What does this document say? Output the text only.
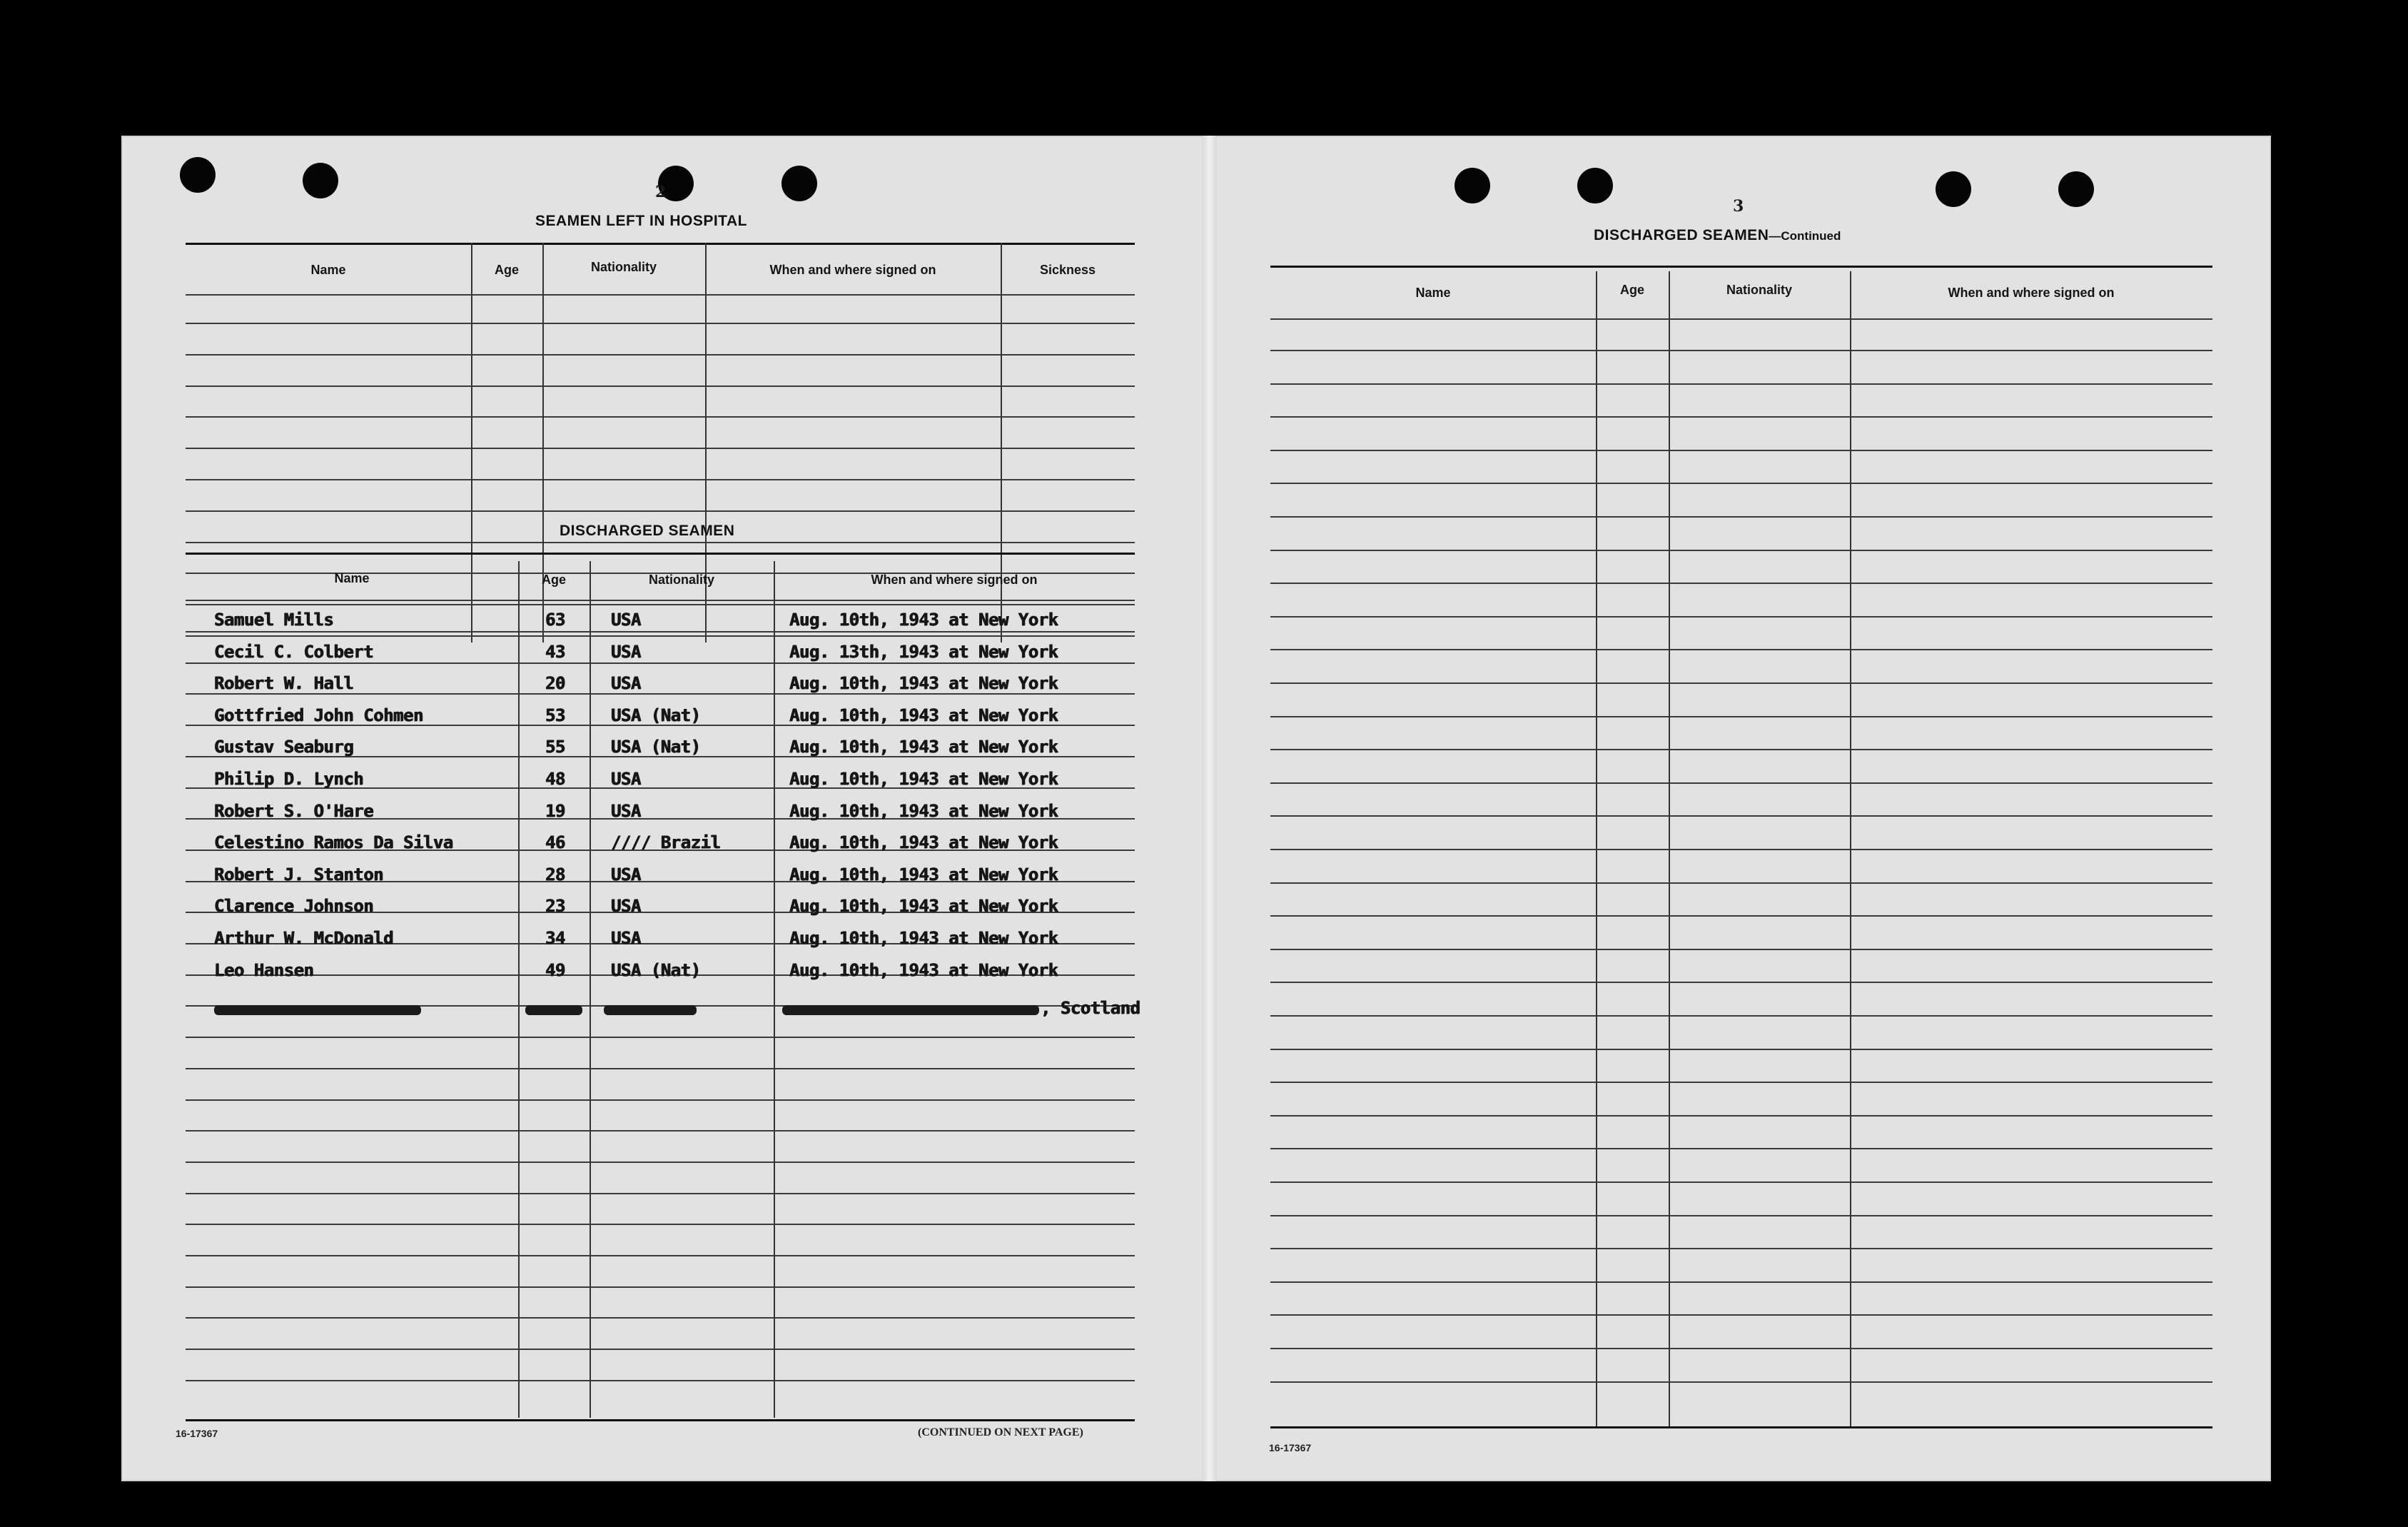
2
SEAMEN LEFT IN HOSPITAL
Name	Age	Nationality	When and where signed on	Sickness
DISCHARGED SEAMEN
Name	Age	Nationality	When and where signed on
Samuel Mills	63	USA	Aug. 10th, 1943 at New York
Cecil C. Colbert	43	USA	Aug. 13th, 1943 at New York
Robert W. Hall	20	USA	Aug. 10th, 1943 at New York
Gottfried John Cohmen	53	USA (Nat)	Aug. 10th, 1943 at New York
Gustav Seaburg	55	USA (Nat)	Aug. 10th, 1943 at New York
Philip D. Lynch	48	USA	Aug. 10th, 1943 at New York
Robert S. O'Hare	19	USA	Aug. 10th, 1943 at New York
Celestino Ramos Da Silva	46	//// Brazil	Aug. 10th, 1943 at New York
Robert J. Stanton	28	USA	Aug. 10th, 1943 at New York
Clarence Johnson	23	USA	Aug. 10th, 1943 at New York
Arthur W. McDonald	34	USA	Aug. 10th, 1943 at New York
Leo Hansen	49	USA (Nat)	Aug. 10th, 1943 at New York
, Scotland
16-17367	(CONTINUED ON NEXT PAGE)
3
DISCHARGED SEAMEN—Continued
Name	Age	Nationality	When and where signed on
16-17367
